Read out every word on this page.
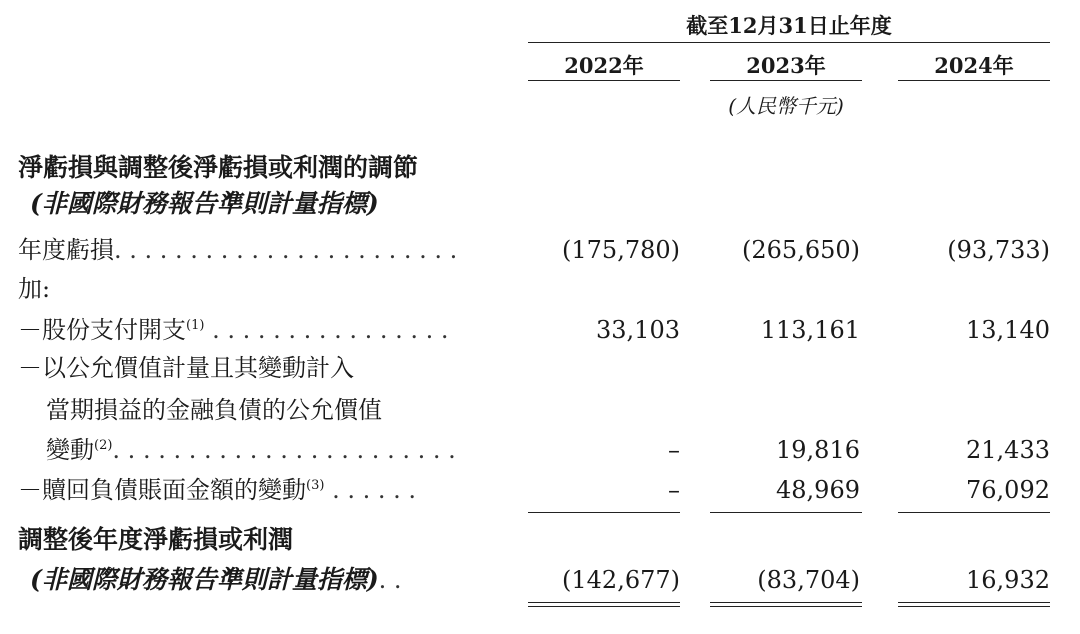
截至12月31日止年度
2022年	2023年	2024年
(人民幣千元)
淨虧損與調整後淨虧損或利潤的調節
(非國際財務報告準則計量指標)
年度虧損. . . . . . . . . . . . . . . . . . . . . . .	(175,780)	(265,650)	(93,733)
加:
－股份支付開支$^{(1)}$ . . . . . . . . . . . . . . . .	33,103	113,161	13,140
－以公允價值計量且其變動計入
當期損益的金融負債的公允價值
變動$^{(2)}$. . . . . . . . . . . . . . . . . . . . . . .	–	19,816	21,433
－贖回負債賬面金額的變動$^{(3)}$ . . . . . .	–	48,969	76,092
調整後年度淨虧損或利潤
(非國際財務報告準則計量指標). .	(142,677)	(83,704)	16,932
